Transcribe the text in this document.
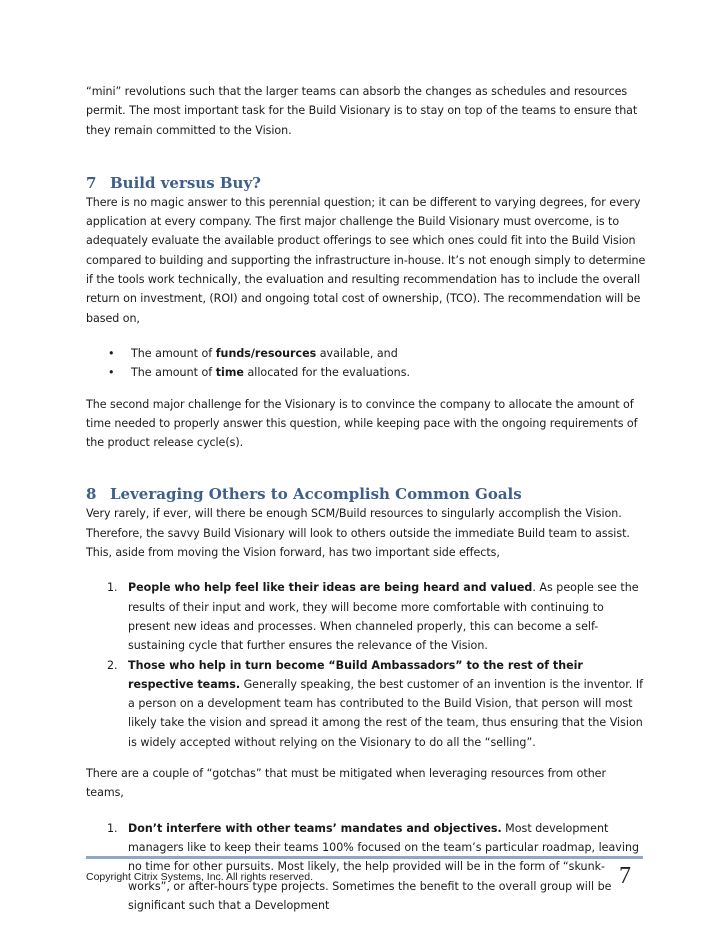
“mini” revolutions such that the larger teams can absorb the changes as schedules and resources permit. The most important task for the Build Visionary is to stay on top of the teams to ensure that they remain committed to the Vision.

7 Build versus Buy?

There is no magic answer to this perennial question; it can be different to varying degrees, for every application at every company. The first major challenge the Build Visionary must overcome, is to adequately evaluate the available product offerings to see which ones could fit into the Build Vision compared to building and supporting the infrastructure in-house. It’s not enough simply to determine if the tools work technically, the evaluation and resulting recommendation has to include the overall return on investment, (ROI) and ongoing total cost of ownership, (TCO). The recommendation will be based on,

• The amount of funds/resources available, and
• The amount of time allocated for the evaluations.

The second major challenge for the Visionary is to convince the company to allocate the amount of time needed to properly answer this question, while keeping pace with the ongoing requirements of the product release cycle(s).

8 Leveraging Others to Accomplish Common Goals

Very rarely, if ever, will there be enough SCM/Build resources to singularly accomplish the Vision. Therefore, the savvy Build Visionary will look to others outside the immediate Build team to assist. This, aside from moving the Vision forward, has two important side effects,

1. People who help feel like their ideas are being heard and valued. As people see the results of their input and work, they will become more comfortable with continuing to present new ideas and processes. When channeled properly, this can become a self-sustaining cycle that further ensures the relevance of the Vision.
2. Those who help in turn become “Build Ambassadors” to the rest of their respective teams. Generally speaking, the best customer of an invention is the inventor. If a person on a development team has contributed to the Build Vision, that person will most likely take the vision and spread it among the rest of the team, thus ensuring that the Vision is widely accepted without relying on the Visionary to do all the “selling”.

There are a couple of “gotchas” that must be mitigated when leveraging resources from other teams,

1. Don’t interfere with other teams’ mandates and objectives. Most development managers like to keep their teams 100% focused on the team’s particular roadmap, leaving no time for other pursuits. Most likely, the help provided will be in the form of “skunk-works”, or after-hours type projects. Sometimes the benefit to the overall group will be significant such that a Development
Copyright Citrix Systems, Inc. All rights reserved.	7
